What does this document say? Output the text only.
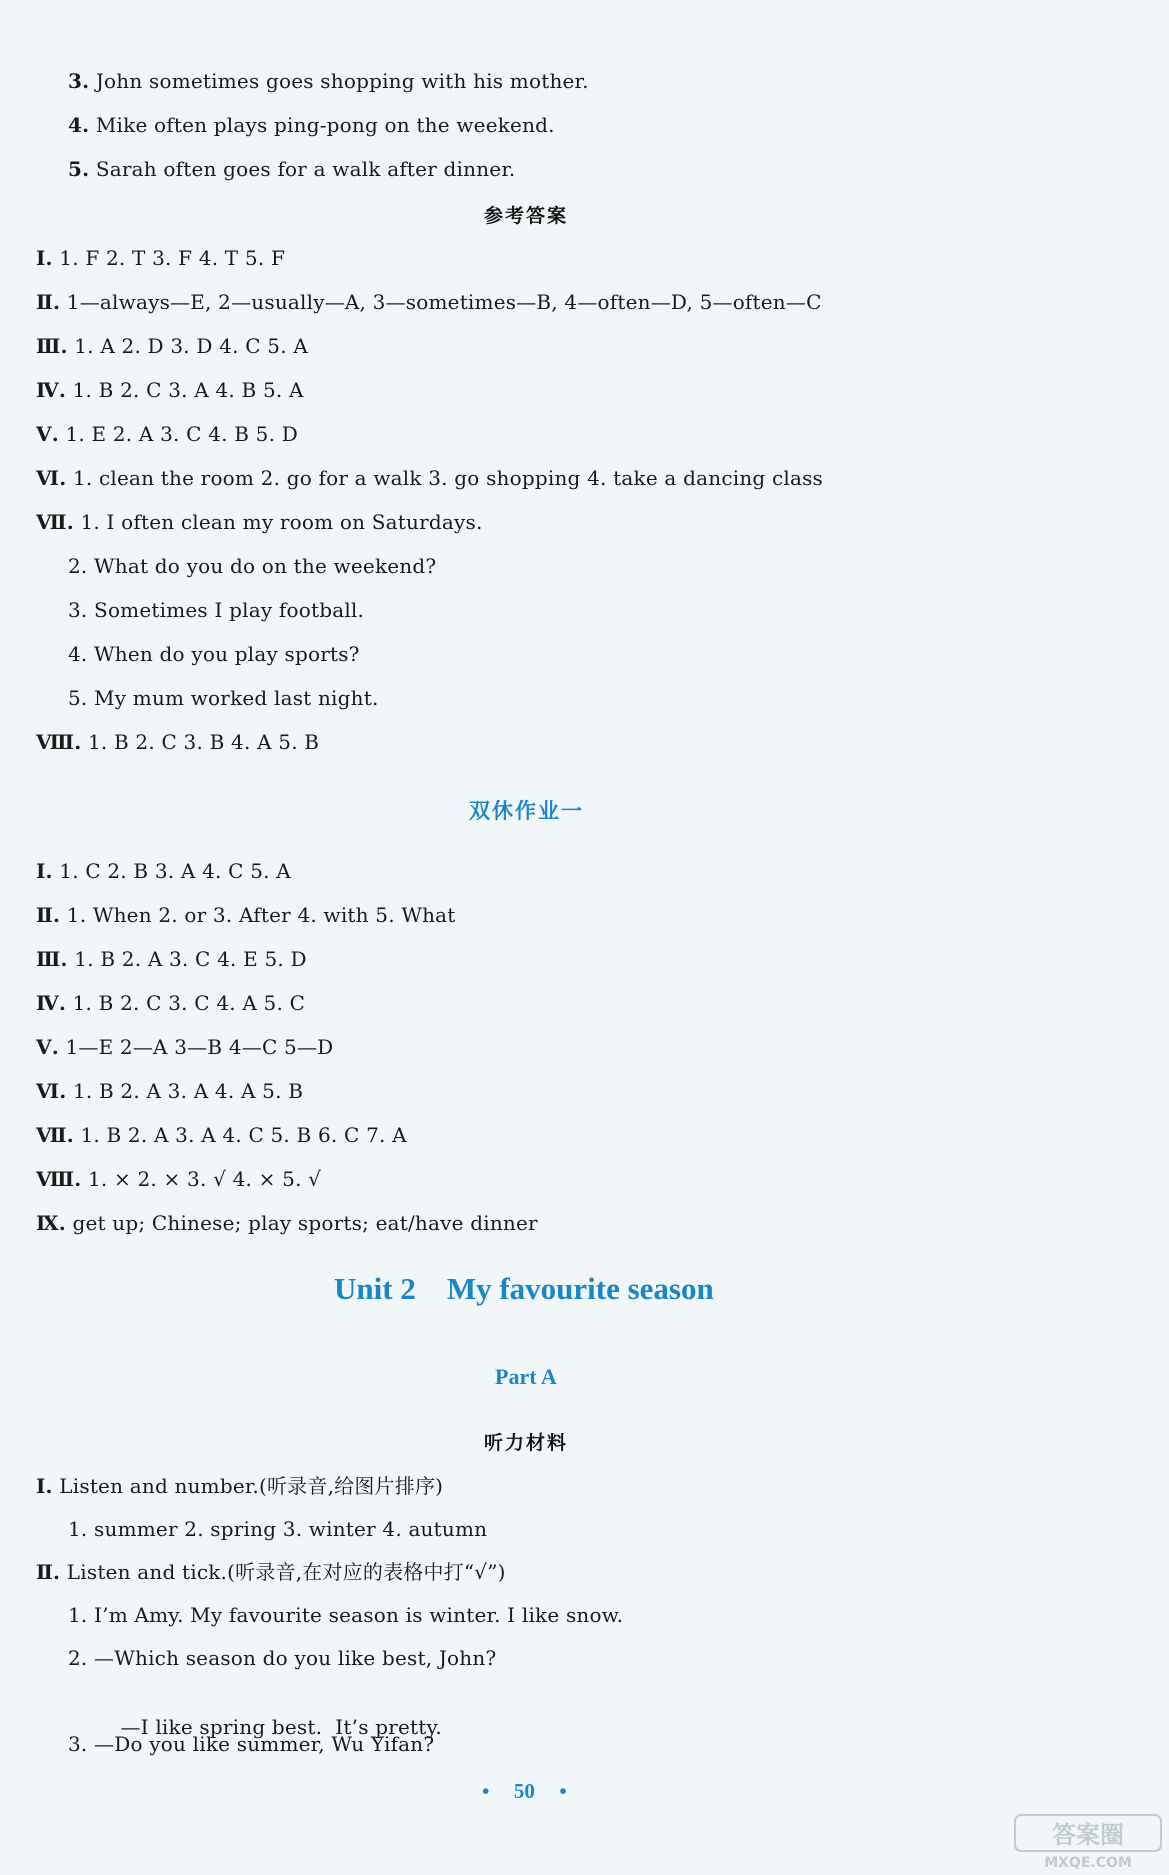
3. John sometimes goes shopping with his mother.
4. Mike often plays ping-pong on the weekend.
5. Sarah often goes for a walk after dinner.
参考答案
Ⅰ. 1. F 2. T 3. F 4. T 5. F
Ⅱ. 1—always—E, 2—usually—A, 3—sometimes—B, 4—often—D, 5—often—C
Ⅲ. 1. A 2. D 3. D 4. C 5. A
Ⅳ. 1. B 2. C 3. A 4. B 5. A
Ⅴ. 1. E 2. A 3. C 4. B 5. D
Ⅵ. 1. clean the room 2. go for a walk 3. go shopping 4. take a dancing class
Ⅶ. 1. I often clean my room on Saturdays.
2. What do you do on the weekend?
3. Sometimes I play football.
4. When do you play sports?
5. My mum worked last night.
Ⅷ. 1. B 2. C 3. B 4. A 5. B
双休作业一
Ⅰ. 1. C 2. B 3. A 4. C 5. A
Ⅱ. 1. When 2. or 3. After 4. with 5. What
Ⅲ. 1. B 2. A 3. C 4. E 5. D
Ⅳ. 1. B 2. C 3. C 4. A 5. C
Ⅴ. 1—E 2—A 3—B 4—C 5—D
Ⅵ. 1. B 2. A 3. A 4. A 5. B
Ⅶ. 1. B 2. A 3. A 4. C 5. B 6. C 7. A
Ⅷ. 1. × 2. × 3. √ 4. × 5. √
Ⅸ. get up; Chinese; play sports; eat/have dinner
Unit 2    My favourite season
Part A
听力材料
Ⅰ. Listen and number.(听录音,给图片排序)
1. summer 2. spring 3. winter 4. autumn
Ⅱ. Listen and tick.(听录音,在对应的表格中打“√”)
1. I’m Amy. My favourite season is winter. I like snow.
2. —Which season do you like best, John?

—I like spring best.  It’s pretty.

3. —Do you like summer, Wu Yifan?
• 50 •
答案圈
MXQE.COM
